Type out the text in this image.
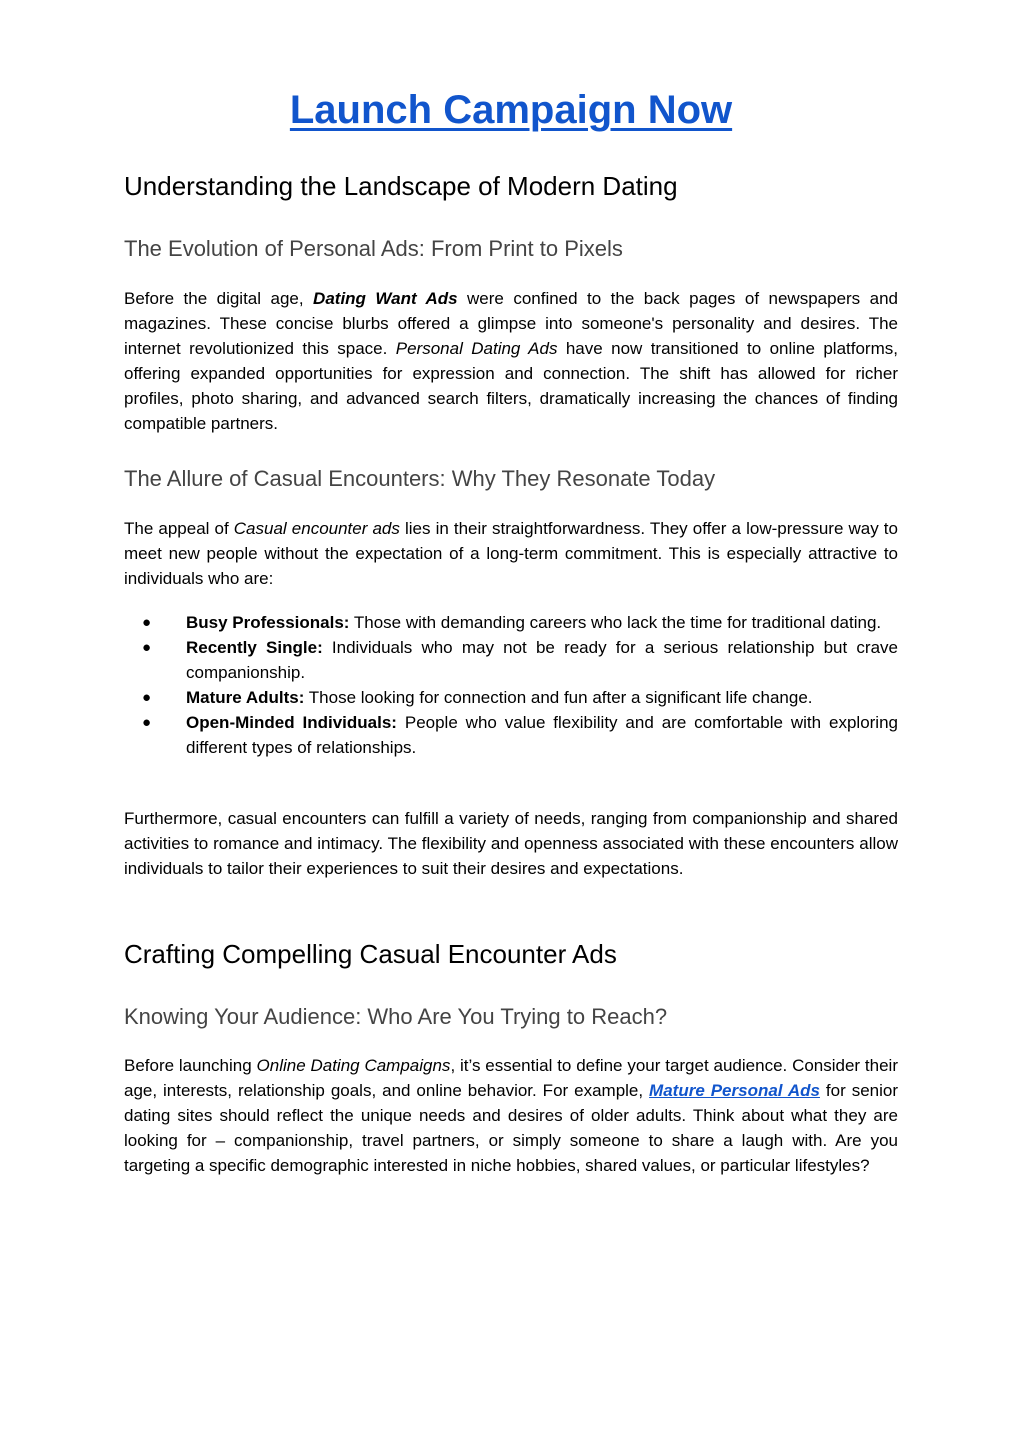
Launch Campaign Now
Understanding the Landscape of Modern Dating
The Evolution of Personal Ads: From Print to Pixels

Before the digital age, Dating Want Ads were confined to the back pages of newspapers and magazines. These concise blurbs offered a glimpse into someone's personality and desires. The internet revolutionized this space. Personal Dating Ads have now transitioned to online platforms, offering expanded opportunities for expression and connection. The shift has allowed for richer profiles, photo sharing, and advanced search filters, dramatically increasing the chances of finding compatible partners.

The Allure of Casual Encounters: Why They Resonate Today

The appeal of Casual encounter ads lies in their straightforwardness. They offer a low-pressure way to meet new people without the expectation of a long-term commitment. This is especially attractive to individuals who are:

● Busy Professionals: Those with demanding careers who lack the time for traditional dating.
● Recently Single: Individuals who may not be ready for a serious relationship but crave companionship.
● Mature Adults: Those looking for connection and fun after a significant life change.
● Open-Minded Individuals: People who value flexibility and are comfortable with exploring different types of relationships.

Furthermore, casual encounters can fulfill a variety of needs, ranging from companionship and shared activities to romance and intimacy. The flexibility and openness associated with these encounters allow individuals to tailor their experiences to suit their desires and expectations.

Crafting Compelling Casual Encounter Ads
Knowing Your Audience: Who Are You Trying to Reach?

Before launching Online Dating Campaigns, it’s essential to define your target audience. Consider their age, interests, relationship goals, and online behavior. For example, Mature Personal Ads for senior dating sites should reflect the unique needs and desires of older adults. Think about what they are looking for – companionship, travel partners, or simply someone to share a laugh with. Are you targeting a specific demographic interested in niche hobbies, shared values, or particular lifestyles?
